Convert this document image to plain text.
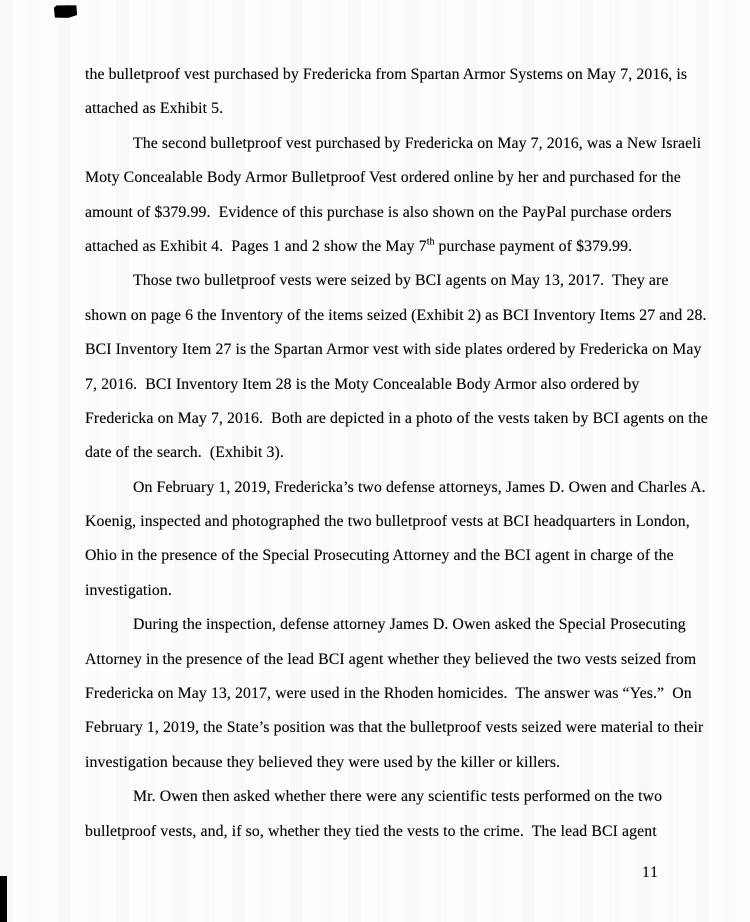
the bulletproof vest purchased by Fredericka from Spartan Armor Systems on May 7, 2016, is
attached as Exhibit 5.
The second bulletproof vest purchased by Fredericka on May 7, 2016, was a New Israeli
Moty Concealable Body Armor Bulletproof Vest ordered online by her and purchased for the
amount of $379.99.  Evidence of this purchase is also shown on the PayPal purchase orders
attached as Exhibit 4.  Pages 1 and 2 show the May 7th purchase payment of $379.99.
Those two bulletproof vests were seized by BCI agents on May 13, 2017.  They are
shown on page 6 the Inventory of the items seized (Exhibit 2) as BCI Inventory Items 27 and 28.
BCI Inventory Item 27 is the Spartan Armor vest with side plates ordered by Fredericka on May
7, 2016.  BCI Inventory Item 28 is the Moty Concealable Body Armor also ordered by
Fredericka on May 7, 2016.  Both are depicted in a photo of the vests taken by BCI agents on the
date of the search.  (Exhibit 3).
On February 1, 2019, Fredericka’s two defense attorneys, James D. Owen and Charles A.
Koenig, inspected and photographed the two bulletproof vests at BCI headquarters in London,
Ohio in the presence of the Special Prosecuting Attorney and the BCI agent in charge of the
investigation.
During the inspection, defense attorney James D. Owen asked the Special Prosecuting
Attorney in the presence of the lead BCI agent whether they believed the two vests seized from
Fredericka on May 13, 2017, were used in the Rhoden homicides.  The answer was “Yes.”  On
February 1, 2019, the State’s position was that the bulletproof vests seized were material to their
investigation because they believed they were used by the killer or killers.
Mr. Owen then asked whether there were any scientific tests performed on the two
bulletproof vests, and, if so, whether they tied the vests to the crime.  The lead BCI agent
11
